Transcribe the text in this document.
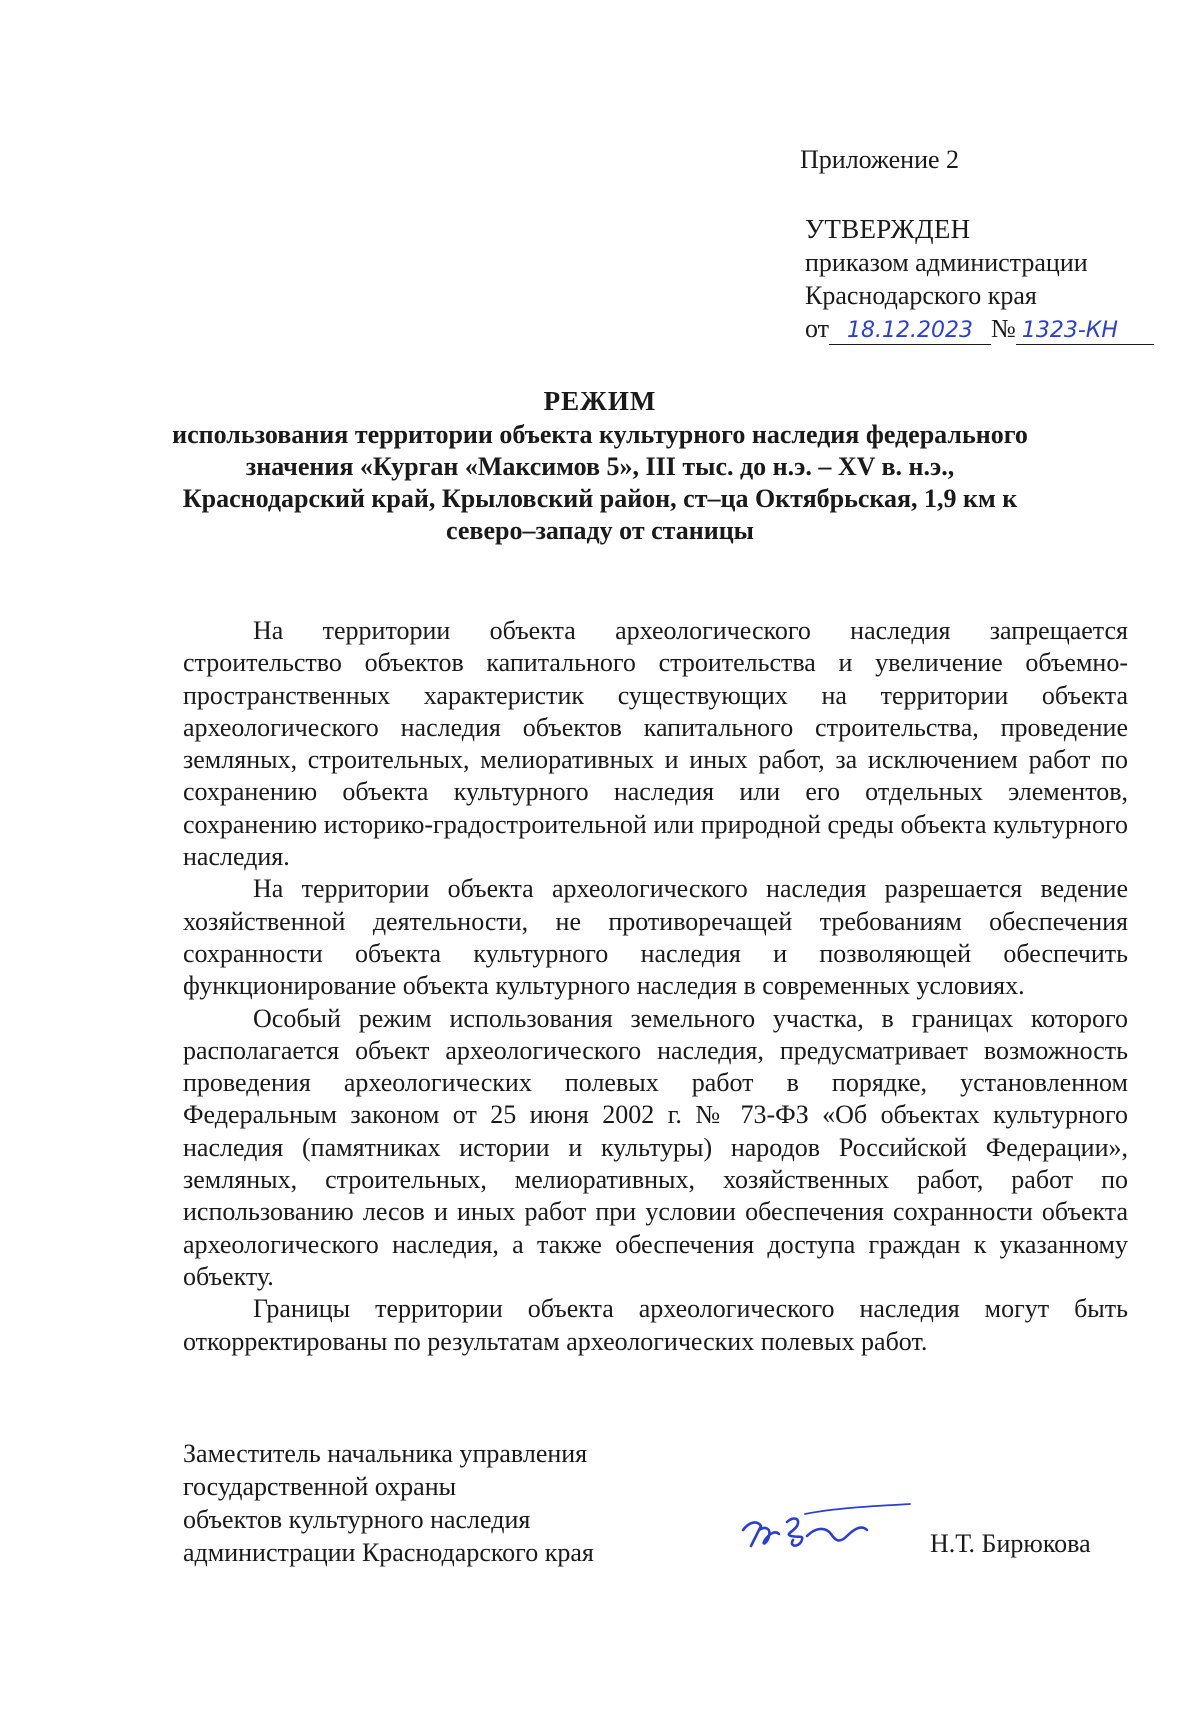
Приложение 2
УТВЕРЖДЕН
приказом администрации
Краснодарского края
от 18.12.2023 № 1323-КН
РЕЖИМ
использования территории объекта культурного наследия федерального
значения «Курган «Максимов 5», III тыс. до н.э. – XV в. н.э.,
Краснодарский край, Крыловский район, ст–ца Октябрьская, 1,9 км к
северо–западу от станицы

На территории объекта археологического наследия запрещается строительство объектов капитального строительства и увеличение объемно-пространственных характеристик существующих на территории объекта археологического наследия объектов капитального строительства, проведение земляных, строительных, мелиоративных и иных работ, за исключением работ по сохранению объекта культурного наследия или его отдельных элементов, сохранению историко-градостроительной или природной среды объекта культурного наследия.

На территории объекта археологического наследия разрешается ведение хозяйственной деятельности, не противоречащей требованиям обеспечения сохранности объекта культурного наследия и позволяющей обеспечить функционирование объекта культурного наследия в современных условиях.

Особый режим использования земельного участка, в границах которого располагается объект археологического наследия, предусматривает возможность проведения археологических полевых работ в порядке, установленном Федеральным законом от 25 июня 2002 г. № 73-ФЗ «Об объектах культурного наследия (памятниках истории и культуры) народов Российской Федерации», земляных, строительных, мелиоративных, хозяйственных работ, работ по использованию лесов и иных работ при условии обеспечения сохранности объекта археологического наследия, а также обеспечения доступа граждан к указанному объекту.

Границы территории объекта археологического наследия могут быть откорректированы по результатам археологических полевых работ.

Заместитель начальника управления
государственной охраны
объектов культурного наследия
администрации Краснодарского края	Н.Т. Бирюкова
